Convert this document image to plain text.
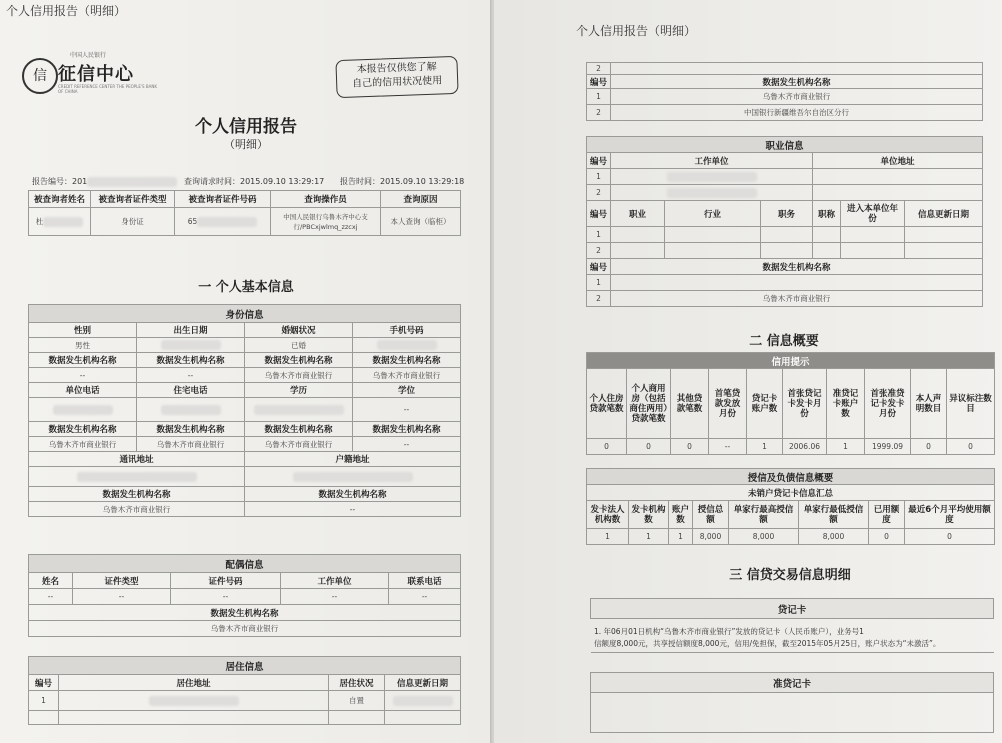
个人信用报告（明细）
信
中国人民银行
征信中心
CREDIT REFERENCE CENTER THE PEOPLE'S BANK OF CHINA
本报告仅供您了解
自己的信用状况使用
个人信用报告
（明细）
报告编号：201	查询请求时间：2015.09.10 13:29:17 报告时间：2015.09.10 13:29:18
被查询者姓名	被查询者证件类型	被查询者证件号码	查询操作员	查询原因
杜	身份证	65	中国人民银行乌鲁木齐中心支行/PBCxjwlmq_zzcxj	本人查询（临柜）
一 个人基本信息
身份信息			
性别	出生日期	婚姻状况	手机号码
男性		已婚	
数据发生机构名称	数据发生机构名称	数据发生机构名称	数据发生机构名称
--	--	乌鲁木齐市商业银行	乌鲁木齐市商业银行
单位电话	住宅电话	学历	学位
			--
数据发生机构名称	数据发生机构名称	数据发生机构名称	数据发生机构名称
乌鲁木齐市商业银行	乌鲁木齐市商业银行	乌鲁木齐市商业银行	--
通讯地址		户籍地址	

数据发生机构名称		数据发生机构名称	
乌鲁木齐市商业银行		--	
配偶信息				
姓名	证件类型	证件号码	工作单位	联系电话
--	--	--	--	--
数据发生机构名称				
乌鲁木齐市商业银行				
居住信息			
编号	居住地址	居住状况	信息更新日期
1		自置	

个人信用报告（明细）
2	
编号	数据发生机构名称
1	乌鲁木齐市商业银行
2	中国银行新疆维吾尔自治区分行
职业信息						
编号	工作单位			单位地址		
1						
2						
编号	职业	行业	职务	职称	进入本单位年份	信息更新日期
1						
2						
编号	数据发生机构名称					
1						
2	乌鲁木齐市商业银行					
二 信息概要
信用提示									
个人住房贷款笔数	个人商用房（包括商住两用）贷款笔数	其他贷款笔数	首笔贷款发放月份	贷记卡账户数	首张贷记卡发卡月份	准贷记卡账户数	首张准贷记卡发卡月份	本人声明数目	异议标注数目
0	0	0	--	1	2006.06	1	1999.09	0	0
授信及负债信息概要							
未销户贷记卡信息汇总							
发卡法人机构数	发卡机构数	账户数	授信总额	单家行最高授信额	单家行最低授信额	已用额度	最近6个月平均使用额度
1	1	1	8,000	8,000	8,000	0	0
三 信贷交易信息明细
贷记卡

1. 年06月01日机构“乌鲁木齐市商业银行”发放的贷记卡（人民币账户），业务号1
信额度8,000元，共享授信额度8,000元，信用/免担保，截至2015年05月25日，账户状态为“未激活”。
准贷记卡
